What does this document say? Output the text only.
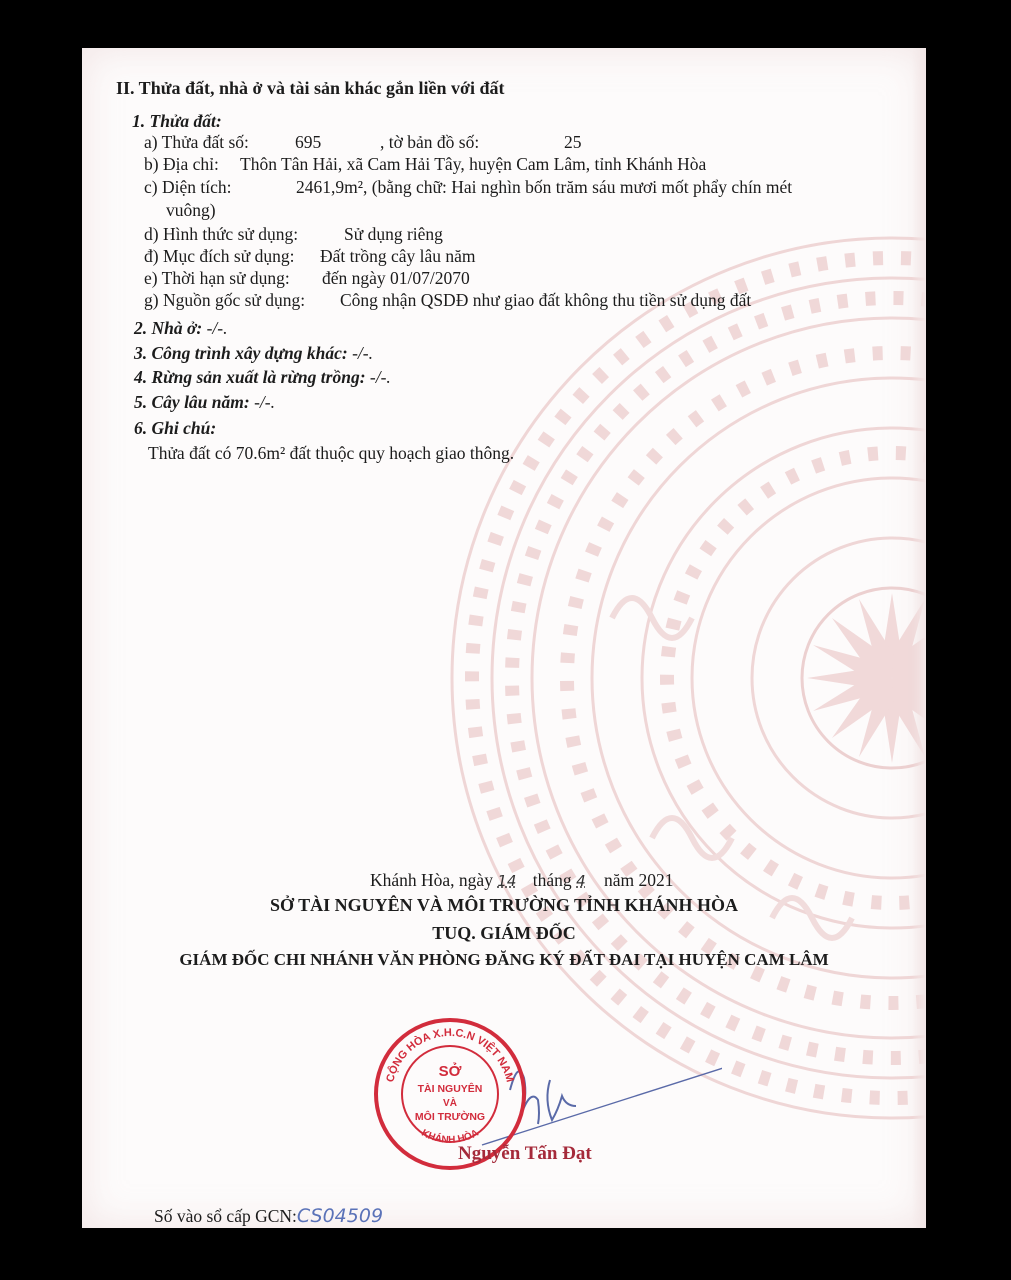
II. Thửa đất, nhà ở và tài sản khác gắn liền với đất
1. Thửa đất:
a) Thửa đất số:	695	, tờ bản đồ số:	25
b) Địa chỉ: Thôn Tân Hải, xã Cam Hải Tây, huyện Cam Lâm, tỉnh Khánh Hòa
c) Diện tích:	2461,9m², (bằng chữ: Hai nghìn bốn trăm sáu mươi mốt phẩy chín mét
vuông)
d) Hình thức sử dụng:	Sử dụng riêng
đ) Mục đích sử dụng: Đất trồng cây lâu năm
e) Thời hạn sử dụng: đến ngày 01/07/2070
g) Nguồn gốc sử dụng: Công nhận QSDĐ như giao đất không thu tiền sử dụng đất
2. Nhà ở: -/-.
3. Công trình xây dựng khác: -/-.
4. Rừng sản xuất là rừng trồng: -/-.
5. Cây lâu năm: -/-.
6. Ghi chú:
Thửa đất có 70.6m² đất thuộc quy hoạch giao thông.
Khánh Hòa, ngày 14 tháng 4 năm 2021
SỞ TÀI NGUYÊN VÀ MÔI TRƯỜNG TỈNH KHÁNH HÒA
TUQ. GIÁM ĐỐC
GIÁM ĐỐC CHI NHÁNH VĂN PHÒNG ĐĂNG KÝ ĐẤT ĐAI TẠI HUYỆN CAM LÂM
CỘNG HÒA X.H.C.N VIỆT NAM
KHÁNH HÒA
SỞ
TÀI NGUYÊN
VÀ
MÔI TRƯỜNG
Nguyễn Tấn Đạt
Số vào sổ cấp GCN:CS04509
